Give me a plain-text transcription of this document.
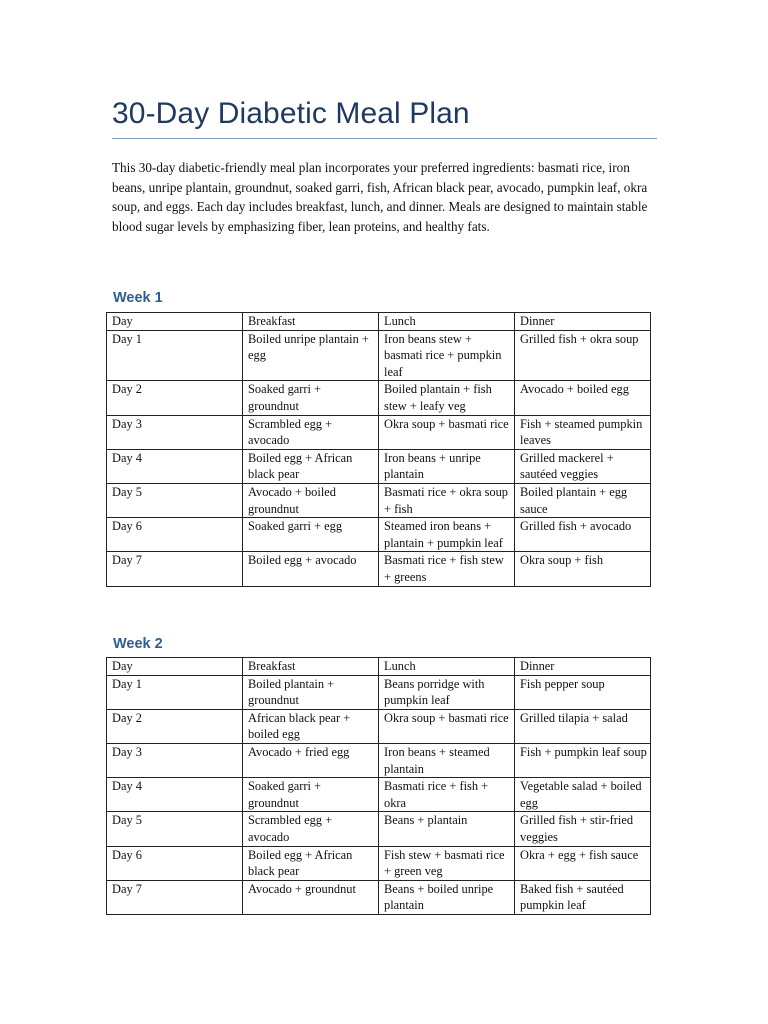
30-Day Diabetic Meal Plan

This 30-day diabetic-friendly meal plan incorporates your preferred ingredients: basmati rice, iron beans, unripe plantain, groundnut, soaked garri, fish, African black pear, avocado, pumpkin leaf, okra soup, and eggs. Each day includes breakfast, lunch, and dinner. Meals are designed to maintain stable blood sugar levels by emphasizing fiber, lean proteins, and healthy fats.

Week 1
Day	Breakfast	Lunch	Dinner
Day 1	Boiled unripe plantain + egg	Iron beans stew + basmati rice + pumpkin leaf	Grilled fish + okra soup
Day 2	Soaked garri + groundnut	Boiled plantain + fish stew + leafy veg	Avocado + boiled egg
Day 3	Scrambled egg + avocado	Okra soup + basmati rice	Fish + steamed pumpkin leaves
Day 4	Boiled egg + African black pear	Iron beans + unripe plantain	Grilled mackerel + sautéed veggies
Day 5	Avocado + boiled groundnut	Basmati rice + okra soup + fish	Boiled plantain + egg sauce
Day 6	Soaked garri + egg	Steamed iron beans + plantain + pumpkin leaf	Grilled fish + avocado
Day 7	Boiled egg + avocado	Basmati rice + fish stew + greens	Okra soup + fish
Week 2
Day	Breakfast	Lunch	Dinner
Day 1	Boiled plantain + groundnut	Beans porridge with pumpkin leaf	Fish pepper soup
Day 2	African black pear + boiled egg	Okra soup + basmati rice	Grilled tilapia + salad
Day 3	Avocado + fried egg	Iron beans + steamed plantain	Fish + pumpkin leaf soup
Day 4	Soaked garri + groundnut	Basmati rice + fish + okra	Vegetable salad + boiled egg
Day 5	Scrambled egg + avocado	Beans + plantain	Grilled fish + stir-fried veggies
Day 6	Boiled egg + African black pear	Fish stew + basmati rice + green veg	Okra + egg + fish sauce
Day 7	Avocado + groundnut	Beans + boiled unripe plantain	Baked fish + sautéed pumpkin leaf
